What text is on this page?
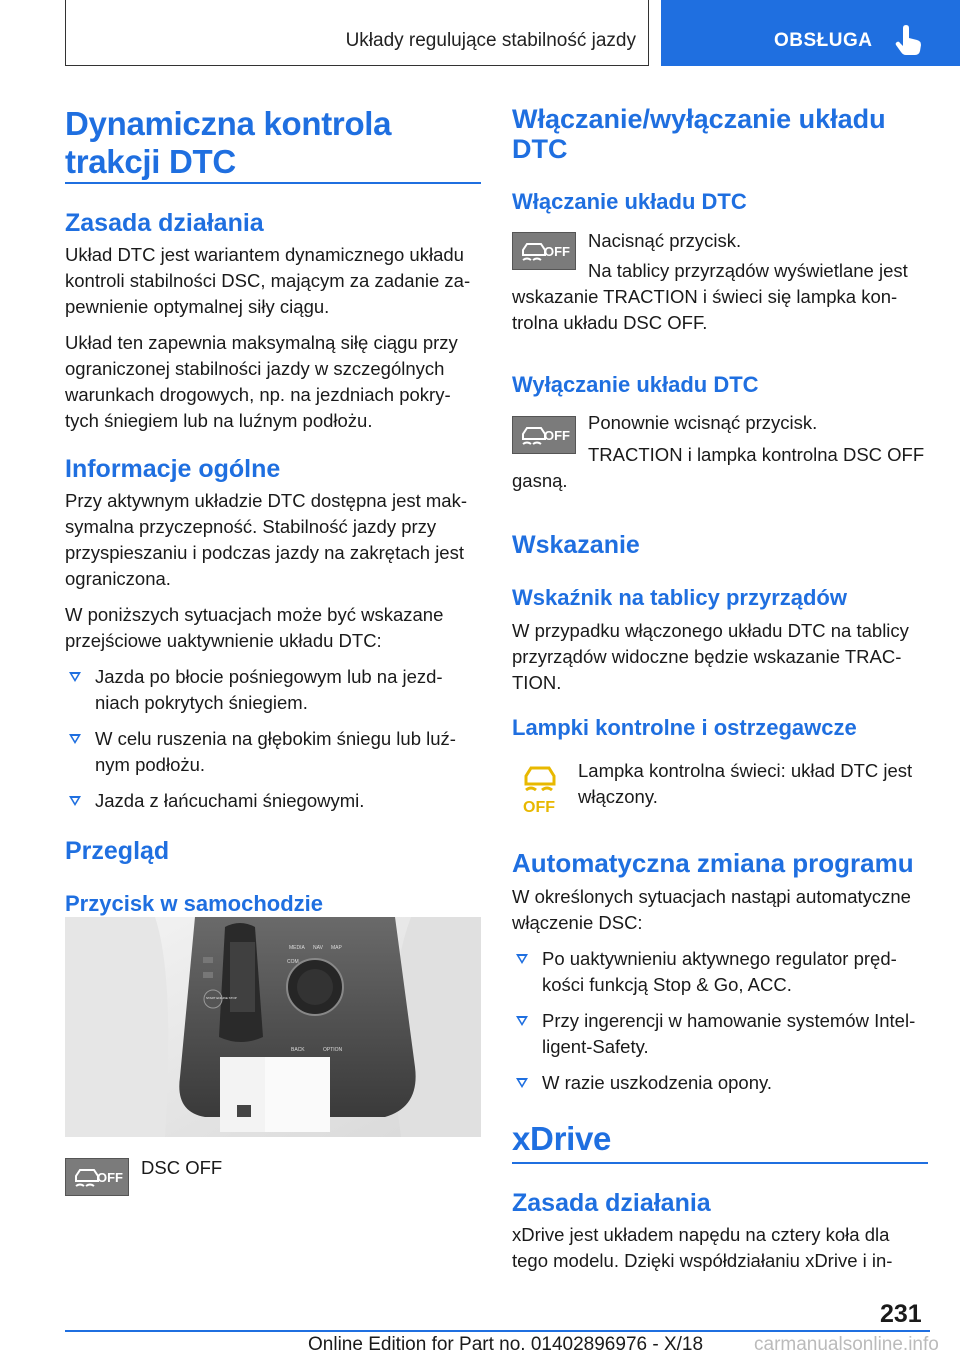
Układy regulujące stabilność jazdy	OBSŁUGA
Dynamiczna kontrola
trakcji DTC
Zasada działania

Układ DTC jest wariantem dynamicznego układu kontroli stabilności DSC, mającym za zadanie za-pewnienie optymalnej siły ciągu.

Układ ten zapewnia maksymalną siłę ciągu przy ograniczonej stabilności jazdy w szczególnych warunkach drogowych, np. na jezdniach pokry-tych śniegiem lub na luźnym podłożu.

Informacje ogólne

Przy aktywnym układzie DTC dostępna jest mak-symalna przyczepność. Stabilność jazdy przy przyspieszaniu i podczas jazdy na zakrętach jest ograniczona.

W poniższych sytuacjach może być wskazane przejściowe uaktywnienie układu DTC:

Jazda po błocie pośniegowym lub na jezd-niach pokrytych śniegiem.
W celu ruszenia na głębokim śniegu lub luź-nym podłożu.
Jazda z łańcuchami śniegowymi.
Przegląd
Przycisk w samochodzie
MEDIA NAV MAP
COM
BACK	OPTION
START ENGINE STOP
OFF DSC OFF
Włączanie/wyłączanie układu
DTC
Włączanie układu DTC
OFF
Nacisnąć przycisk.
Na tablicy przyrządów wyświetlane jest wskazanie TRACTION i świeci się lampka kon-trolna układu DSC OFF.
Wyłączanie układu DTC
OFF
Ponownie wcisnąć przycisk.
TRACTION i lampka kontrolna DSC OFF gasną.
Wskazanie
Wskaźnik na tablicy przyrządów

W przypadku włączonego układu DTC na tablicy przyrządów widoczne będzie wskazanie TRAC-TION.

Lampki kontrolne i ostrzegawcze
OFF
Lampka kontrolna świeci: układ DTC jest włączony.
Automatyczna zmiana programu

W określonych sytuacjach nastąpi automatyczne włączenie DSC:

Po uaktywnieniu aktywnego regulator pręd-kości funkcją Stop & Go, ACC.
Przy ingerencji w hamowanie systemów Intel-ligent-Safety.
W razie uszkodzenia opony.
xDrive
Zasada działania

xDrive jest układem napędu na cztery koła dla tego modelu. Dzięki współdziałaniu xDrive i in-

231
Online Edition for Part no. 01402896976 - X/18	carmanualsonline.info
